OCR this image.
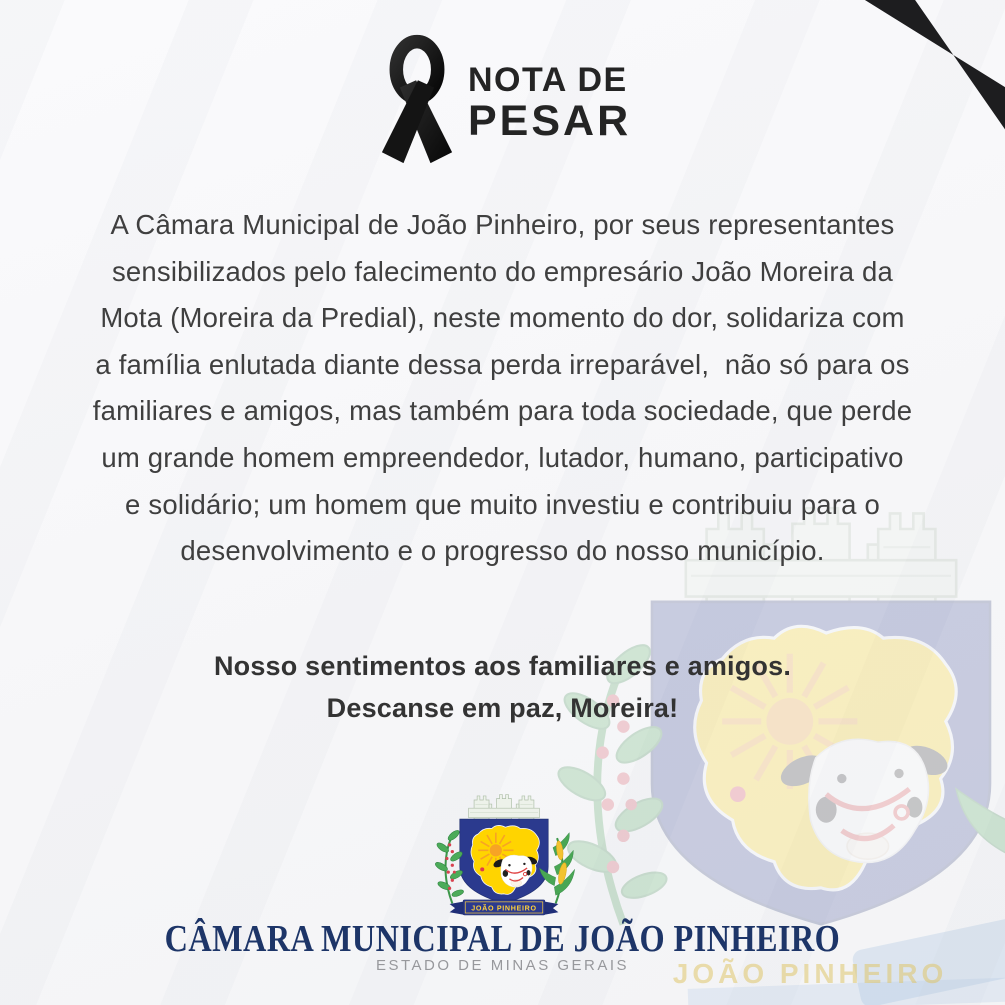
NOTA DE
PESAR
JOÃO PINHEIRO
A Câmara Municipal de João Pinheiro, por seus representantes
sensibilizados pelo falecimento do empresário João Moreira da
Mota (Moreira da Predial), neste momento do dor, solidariza com
a família enlutada diante dessa perda irreparável,  não só para os
familiares e amigos, mas também para toda sociedade, que perde
um grande homem empreendedor, lutador, humano, participativo
e solidário; um homem que muito investiu e contribuiu para o
desenvolvimento e o progresso do nosso município.
Nosso sentimentos aos familiares e amigos.
Descanse em paz, Moreira!
JOÃO PINHEIRO
CÂMARA MUNICIPAL DE JOÃO PINHEIRO
ESTADO DE MINAS GERAIS
